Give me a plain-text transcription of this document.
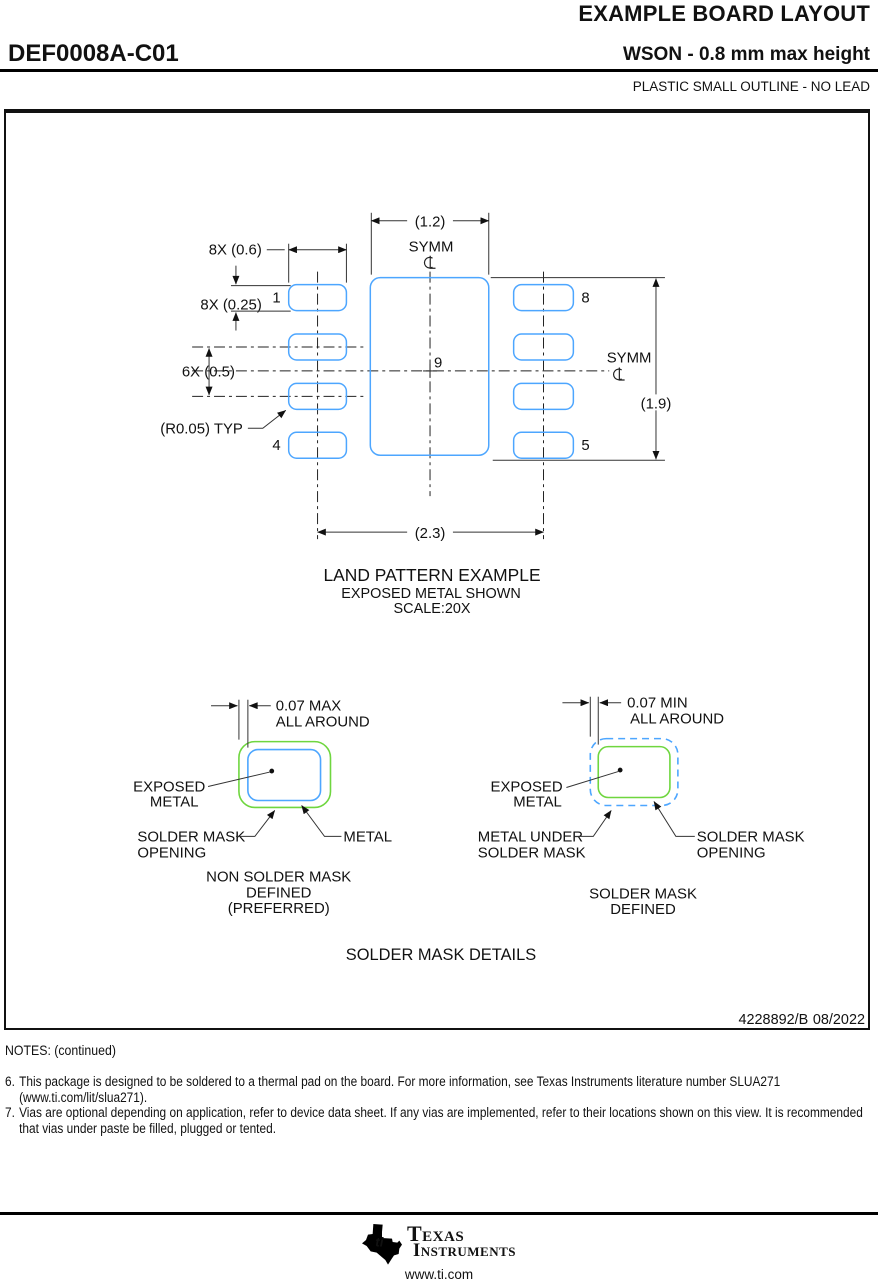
EXAMPLE BOARD LAYOUT
DEF0008A-C01	WSON - 0.8 mm max height
PLASTIC SMALL OUTLINE - NO LEAD
(1.2)
8X (0.6)
8X (0.25)
6X (0.5)
(R0.05) TYP
SYMM
SYMM
(1.9)
(2.3)
1
4
8
5
9
LAND PATTERN EXAMPLE
EXPOSED METAL SHOWN
SCALE:20X
EXPOSED
METAL
0.07 MAX
ALL AROUND
SOLDER MASK
OPENING
METAL
NON SOLDER MASK
DEFINED
(PREFERRED)
EXPOSED
METAL
0.07 MIN
ALL AROUND
METAL UNDER
SOLDER MASK
SOLDER MASK
OPENING
SOLDER MASK
DEFINED
SOLDER MASK DETAILS
4228892/B 08/2022
NOTES: (continued)
6. This package is designed to be soldered to a thermal pad on the board. For more information, see Texas Instruments literature number SLUA271 (www.ti.com/lit/slua271).
7. Vias are optional depending on application, refer to device data sheet. If any vias are implemented, refer to their locations shown on this view. It is recommended that vias under paste be filled, plugged or tented.
ti Texas
Instruments
www.ti.com
